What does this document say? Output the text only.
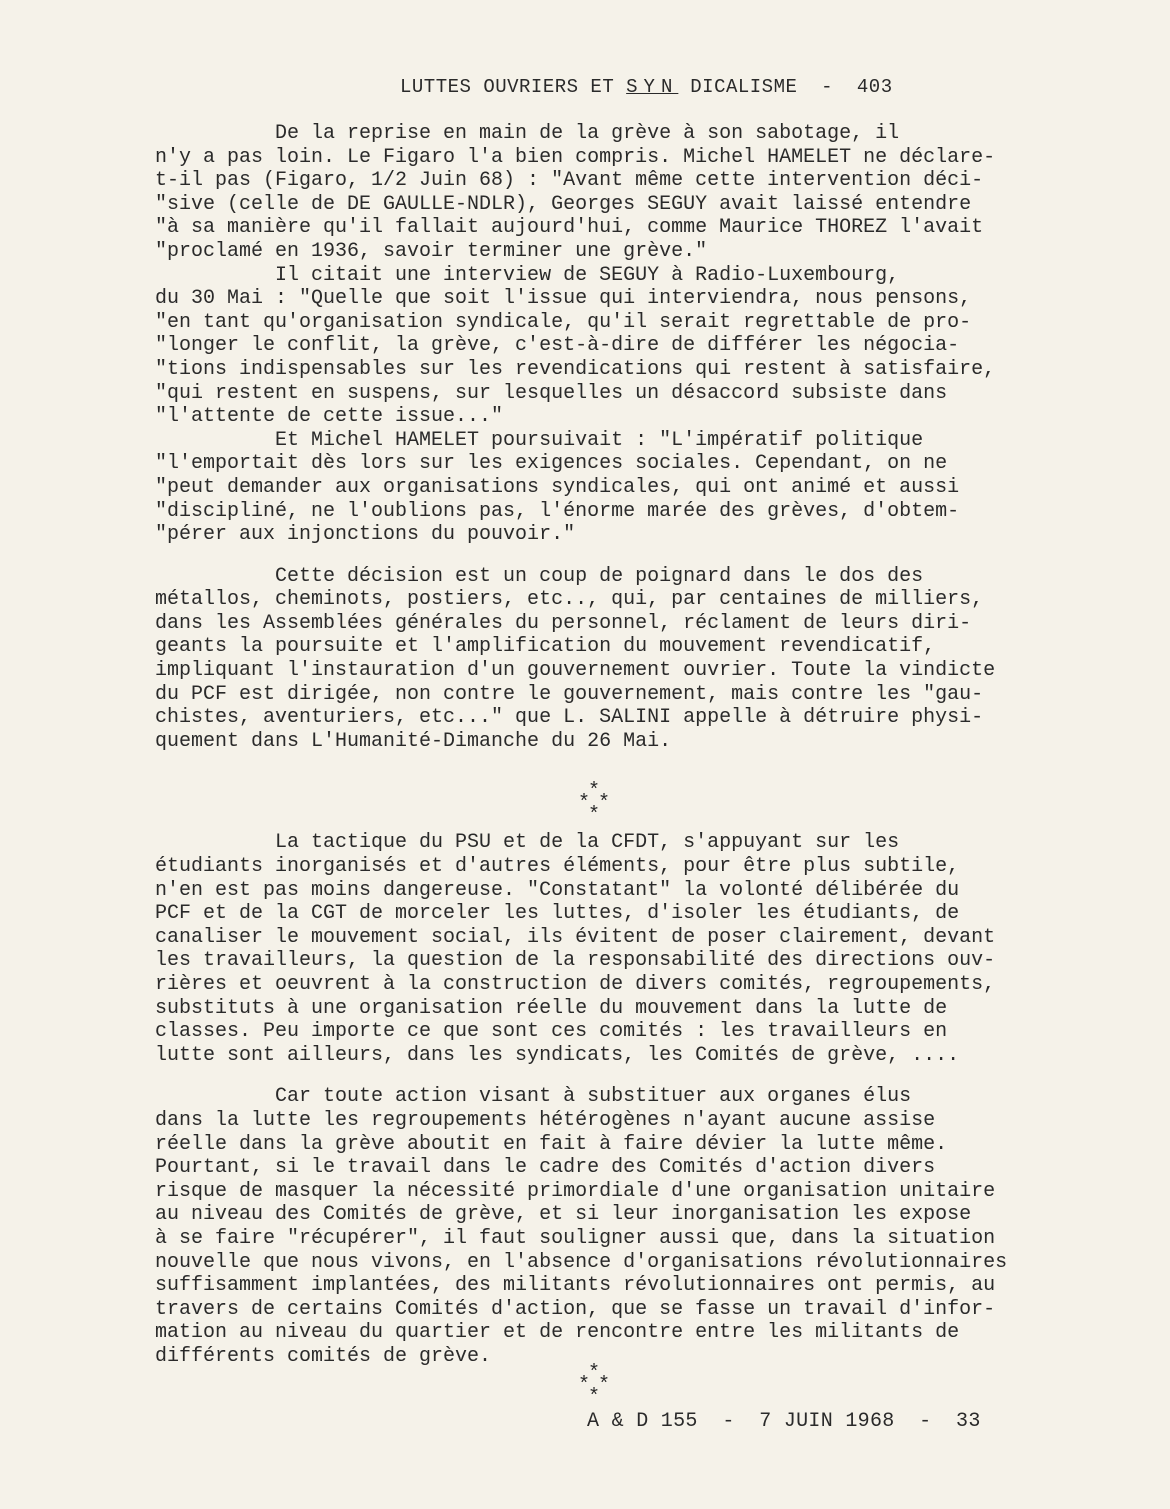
LUTTES OUVRIERS ET SYN DICALISME  -  403
De la reprise en main de la grève à son sabotage, il
n'y a pas loin. Le Figaro l'a bien compris. Michel HAMELET ne déclare-
t-il pas (Figaro, 1/2 Juin 68) : "Avant même cette intervention déci-
"sive (celle de DE GAULLE-NDLR), Georges SEGUY avait laissé entendre
"à sa manière qu'il fallait aujourd'hui, comme Maurice THOREZ l'avait
"proclamé en 1936, savoir terminer une grève."
Il citait une interview de SEGUY à Radio-Luxembourg,
du 30 Mai : "Quelle que soit l'issue qui interviendra, nous pensons,
"en tant qu'organisation syndicale, qu'il serait regrettable de pro-
"longer le conflit, la grève, c'est-à-dire de différer les négocia-
"tions indispensables sur les revendications qui restent à satisfaire,
"qui restent en suspens, sur lesquelles un désaccord subsiste dans
"l'attente de cette issue..."
Et Michel HAMELET poursuivait : "L'impératif politique
"l'emportait dès lors sur les exigences sociales. Cependant, on ne
"peut demander aux organisations syndicales, qui ont animé et aussi
"discipliné, ne l'oublions pas, l'énorme marée des grèves, d'obtem-
"pérer aux injonctions du pouvoir."
Cette décision est un coup de poignard dans le dos des
métallos, cheminots, postiers, etc.., qui, par centaines de milliers,
dans les Assemblées générales du personnel, réclament de leurs diri-
geants la poursuite et l'amplification du mouvement revendicatif,
impliquant l'instauration d'un gouvernement ouvrier. Toute la vindicte
du PCF est dirigée, non contre le gouvernement, mais contre les "gau-
chistes, aventuriers, etc..." que L. SALINI appelle à détruire physi-
quement dans L'Humanité-Dimanche du 26 Mai.
La tactique du PSU et de la CFDT, s'appuyant sur les
étudiants inorganisés et d'autres éléments, pour être plus subtile,
n'en est pas moins dangereuse. "Constatant" la volonté délibérée du
PCF et de la CGT de morceler les luttes, d'isoler les étudiants, de
canaliser le mouvement social, ils évitent de poser clairement, devant
les travailleurs, la question de la responsabilité des directions ouv-
rières et oeuvrent à la construction de divers comités, regroupements,
substituts à une organisation réelle du mouvement dans la lutte de
classes. Peu importe ce que sont ces comités : les travailleurs en
lutte sont ailleurs, dans les syndicats, les Comités de grève, ....
Car toute action visant à substituer aux organes élus
dans la lutte les regroupements hétérogènes n'ayant aucune assise
réelle dans la grève aboutit en fait à faire dévier la lutte même.
Pourtant, si le travail dans le cadre des Comités d'action divers
risque de masquer la nécessité primordiale d'une organisation unitaire
au niveau des Comités de grève, et si leur inorganisation les expose
à se faire "récupérer", il faut souligner aussi que, dans la situation
nouvelle que nous vivons, en l'absence d'organisations révolutionnaires
suffisamment implantées, des militants révolutionnaires ont permis, au
travers de certains Comités d'action, que se fasse un travail d'infor-
mation au niveau du quartier et de rencontre entre les militants de
différents comités de grève.
*
* *
*
*
* *
*
A & D 155  -  7 JUIN 1968  -  33
